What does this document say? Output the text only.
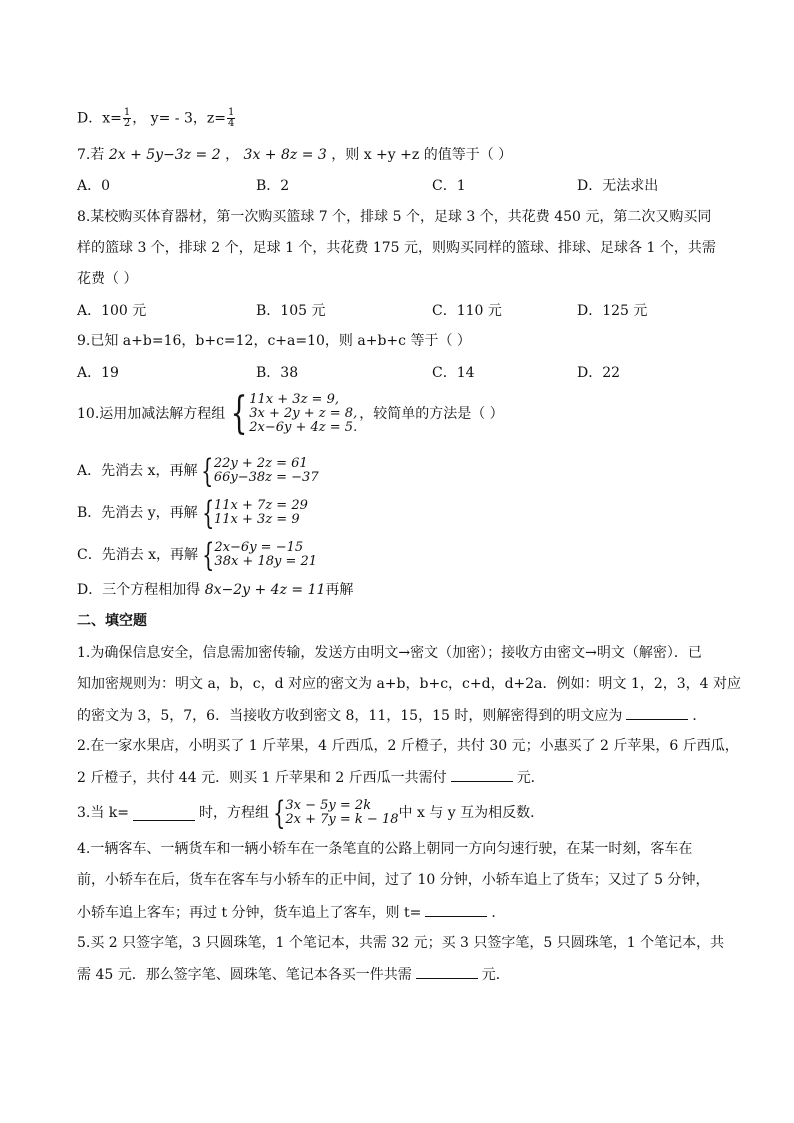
D．$x= \frac{1}{2}$ ， y= - 3，$z= \frac{1}{4}$
7.若 2x + 5y−3z = 2 ， 3x + 8z = 3 ，则 x +y +z 的值等于（ ）
A．0	B．2	C．1	D．无法求出
8.某校购买体育器材，第一次购买篮球 7 个，排球 5 个，足球 3 个，共花费 450 元，第二次又购买同
样的篮球 3 个，排球 2 个，足球 1 个，共花费 175 元，则购买同样的篮球、排球、足球各 1 个，共需
花费（ ）
A．100 元	B．105 元	C．110 元	D．125 元
9.已知 a+b=16，b+c=12，c+a=10，则 a+b+c 等于（ ）
A．19	B．38	C．14	D．22
10.运用加减法解方程组 { 11x + 3z = 9,
3x + 2y + z = 8,
2x−6y + 4z = 5.
， 较简单的方法是（ ）
A．先消去 x，再解 { 22y + 2z = 61
66y−38z = −37
B．先消去 y，再解 { 11x + 7z = 29
11x + 3z = 9
C．先消去 x，再解 { 2x−6y = −15
38x + 18y = 21
D．三个方程相加得 8x−2y + 4z = 11再解
二、填空题
1.为确保信息安全，信息需加密传输，发送方由明文→密文（加密）；接收方由密文→明文（解密）．已
知加密规则为：明文 a，b，c，d 对应的密文为 a+b，b+c，c+d，d+2a．例如：明文 1，2，3，4 对应
的密文为 3，5，7，6．当接收方收到密文 8，11，15，15 时，则解密得到的明文应为	．
2.在一家水果店，小明买了 1 斤苹果，4 斤西瓜，2 斤橙子，共付 30 元；小惠买了 2 斤苹果，6 斤西瓜，
2 斤橙子，共付 44 元．则买 1 斤苹果和 2 斤西瓜一共需付	元．
3.当 k=	时，方程组 { 3x − 5y = 2k
2x + 7y = k − 18 中 x 与 y 互为相反数．
4.一辆客车、一辆货车和一辆小轿车在一条笔直的公路上朝同一方向匀速行驶，在某一时刻，客车在
前，小轿车在后，货车在客车与小轿车的正中间，过了 10 分钟，小轿车追上了货车；又过了 5 分钟，
小轿车追上客车；再过 t 分钟，货车追上了客车，则 t=	．
5.买 2 只签字笔，3 只圆珠笔，1 个笔记本，共需 32 元；买 3 只签字笔，5 只圆珠笔，1 个笔记本，共
需 45 元．那么签字笔、圆珠笔、笔记本各买一件共需	元．
